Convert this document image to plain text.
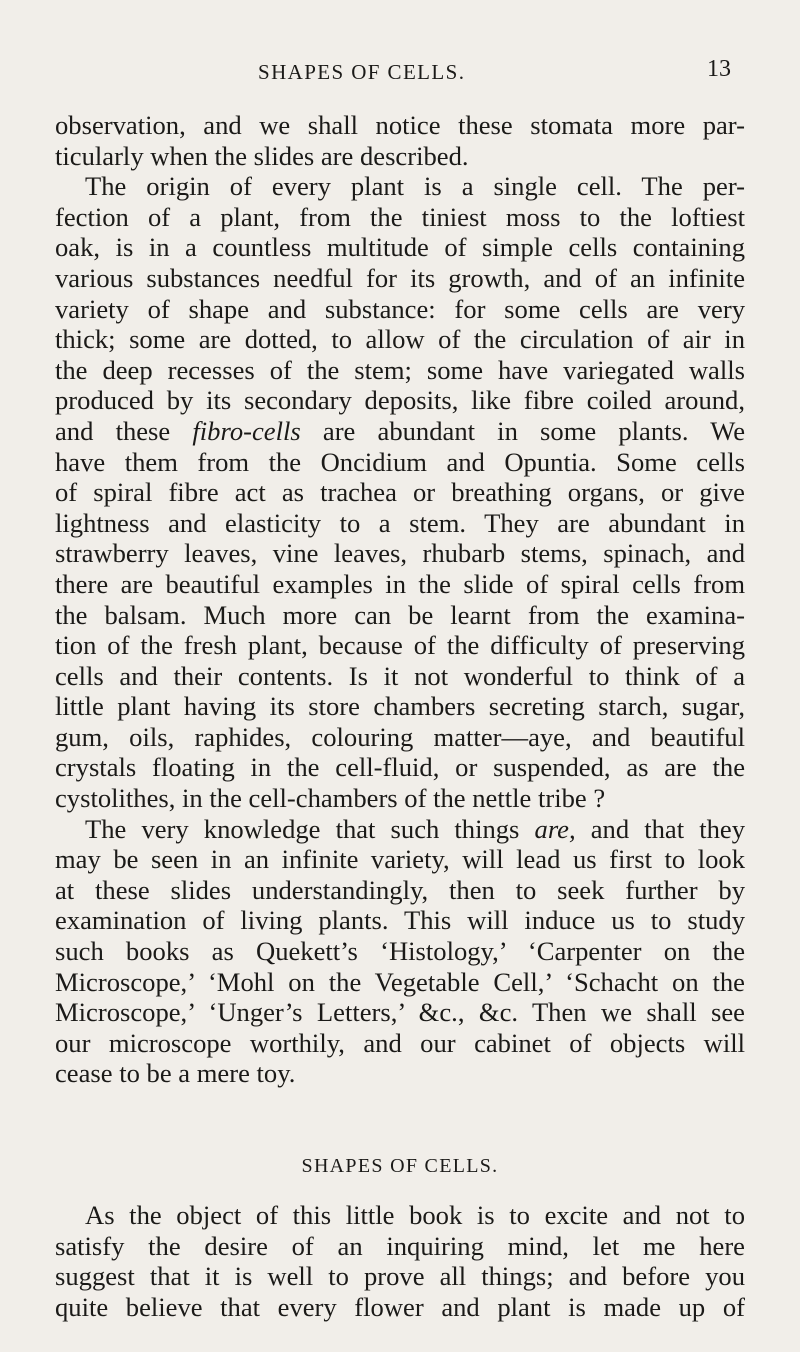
SHAPES OF CELLS.	13
observation, and we shall notice these stomata more par-
ticularly when the slides are described.
The origin of every plant is a single cell. The per-
fection of a plant, from the tiniest moss to the loftiest
oak, is in a countless multitude of simple cells containing
various substances needful for its growth, and of an infinite
variety of shape and substance: for some cells are very
thick; some are dotted, to allow of the circulation of air in
the deep recesses of the stem; some have variegated walls
produced by its secondary deposits, like fibre coiled around,
and these fibro-cells are abundant in some plants. We
have them from the Oncidium and Opuntia. Some cells
of spiral fibre act as trachea or breathing organs, or give
lightness and elasticity to a stem. They are abundant in
strawberry leaves, vine leaves, rhubarb stems, spinach, and
there are beautiful examples in the slide of spiral cells from
the balsam. Much more can be learnt from the examina-
tion of the fresh plant, because of the difficulty of preserving
cells and their contents. Is it not wonderful to think of a
little plant having its store chambers secreting starch, sugar,
gum, oils, raphides, colouring matter—aye, and beautiful
crystals floating in the cell-fluid, or suspended, as are the
cystolithes, in the cell-chambers of the nettle tribe ?
The very knowledge that such things are, and that they
may be seen in an infinite variety, will lead us first to look
at these slides understandingly, then to seek further by
examination of living plants. This will induce us to study
such books as Quekett’s ‘Histology,’ ‘Carpenter on the
Microscope,’ ‘Mohl on the Vegetable Cell,’ ‘Schacht on the
Microscope,’ ‘Unger’s Letters,’ &c., &c. Then we shall see
our microscope worthily, and our cabinet of objects will
cease to be a mere toy.
SHAPES OF CELLS.
As the object of this little book is to excite and not to
satisfy the desire of an inquiring mind, let me here
suggest that it is well to prove all things; and before you
quite believe that every flower and plant is made up of
